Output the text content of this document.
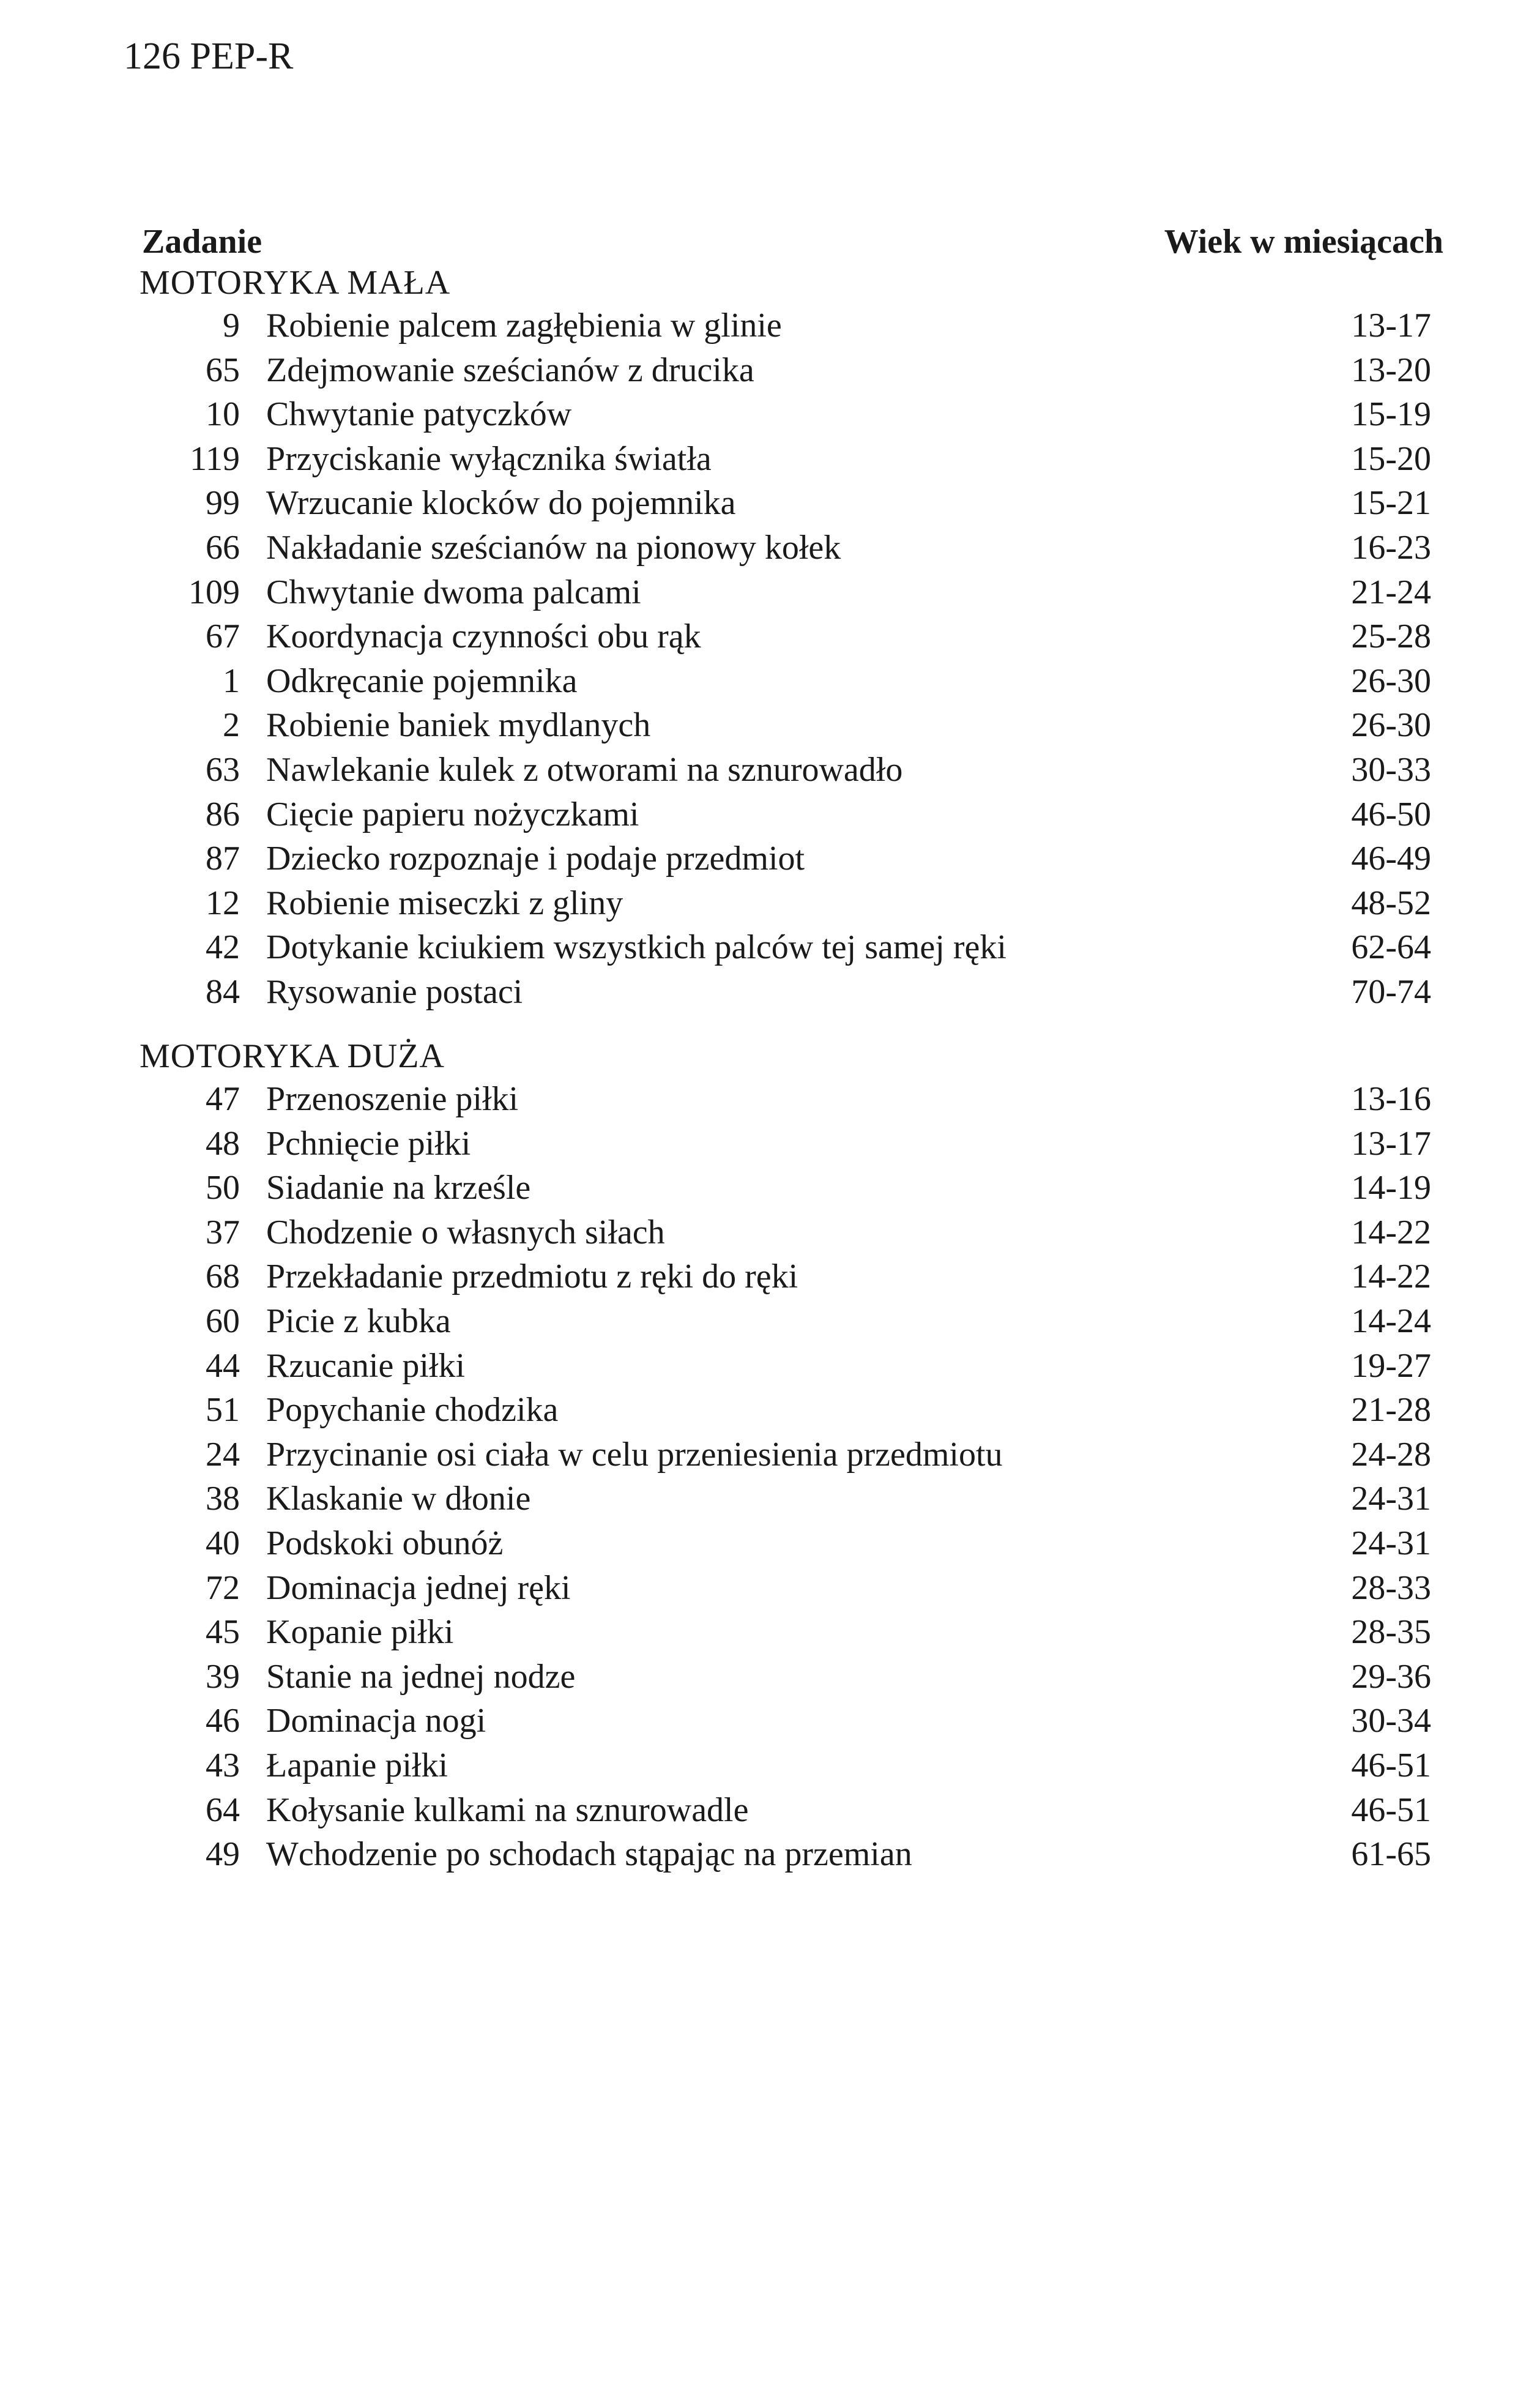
126 PEP-R
Zadanie	Wiek w miesiącach
MOTORYKA MAŁA
9 Robienie palcem zagłębienia w glinie	13-17
65 Zdejmowanie sześcianów z drucika	13-20
10 Chwytanie patyczków	15-19
119 Przyciskanie wyłącznika światła	15-20
99 Wrzucanie klocków do pojemnika	15-21
66 Nakładanie sześcianów na pionowy kołek	16-23
109 Chwytanie dwoma palcami	21-24
67 Koordynacja czynności obu rąk	25-28
1 Odkręcanie pojemnika	26-30
2 Robienie baniek mydlanych	26-30
63 Nawlekanie kulek z otworami na sznurowadło	30-33
86 Cięcie papieru nożyczkami	46-50
87 Dziecko rozpoznaje i podaje przedmiot	46-49
12 Robienie miseczki z gliny	48-52
42 Dotykanie kciukiem wszystkich palców tej samej ręki	62-64
84 Rysowanie postaci	70-74
MOTORYKA DUŻA
47 Przenoszenie piłki	13-16
48 Pchnięcie piłki	13-17
50 Siadanie na krześle	14-19
37 Chodzenie o własnych siłach	14-22
68 Przekładanie przedmiotu z ręki do ręki	14-22
60 Picie z kubka	14-24
44 Rzucanie piłki	19-27
51 Popychanie chodzika	21-28
24 Przycinanie osi ciała w celu przeniesienia przedmiotu	24-28
38 Klaskanie w dłonie	24-31
40 Podskoki obunóż	24-31
72 Dominacja jednej ręki	28-33
45 Kopanie piłki	28-35
39 Stanie na jednej nodze	29-36
46 Dominacja nogi	30-34
43 Łapanie piłki	46-51
64 Kołysanie kulkami na sznurowadle	46-51
49 Wchodzenie po schodach stąpając na przemian	61-65
